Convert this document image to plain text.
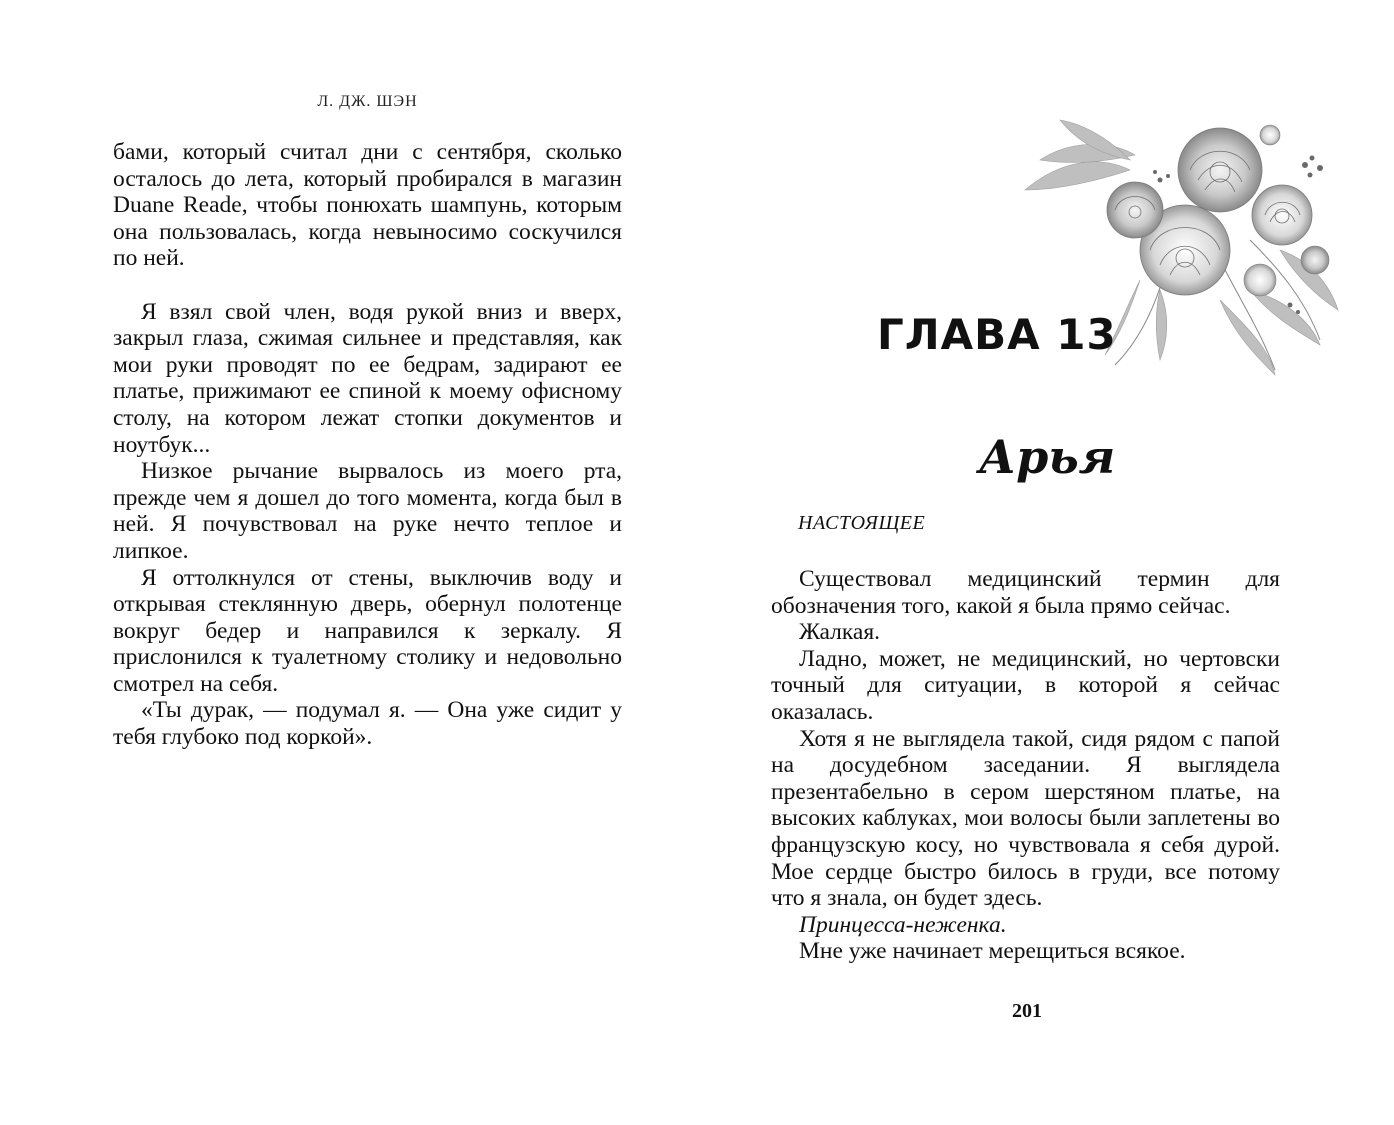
Л. ДЖ. ШЭН

бами, который считал дни с сентября, сколько осталось до лета, который пробирался в магазин Duane Reade, чтобы понюхать шампунь, которым она пользовалась, когда невыносимо соскучился по ней.

Я взял свой член, водя рукой вниз и вверх, закрыл глаза, сжимая сильнее и представляя, как мои руки проводят по ее бедрам, задирают ее платье, прижимают ее спиной к моему офисному столу, на котором лежат стопки документов и ноутбук...

Низкое рычание вырвалось из моего рта, прежде чем я дошел до того момента, когда был в ней. Я почувствовал на руке нечто теплое и липкое.

Я оттолкнулся от стены, выключив воду и открывая стеклянную дверь, обернул полотенце вокруг бедер и направился к зеркалу. Я прислонился к туалетному столику и недовольно смотрел на себя.

«Ты дурак, — подумал я. — Она уже сидит у тебя глубоко под коркой».

ГЛАВА 13
Арья
НАСТОЯЩЕЕ

Существовал медицинский термин для обозначения того, какой я была прямо сейчас.

Жалкая.

Ладно, может, не медицинский, но чертовски точный для ситуации, в которой я сейчас оказалась.

Хотя я не выглядела такой, сидя рядом с папой на досудебном заседании. Я выглядела презентабельно в сером шерстяном платье, на высоких каблуках, мои волосы были заплетены во французскую косу, но чувствовала я себя дурой. Мое сердце быстро билось в груди, все потому что я знала, он будет здесь.

Принцесса-неженка.

Мне уже начинает мерещиться всякое.

201
